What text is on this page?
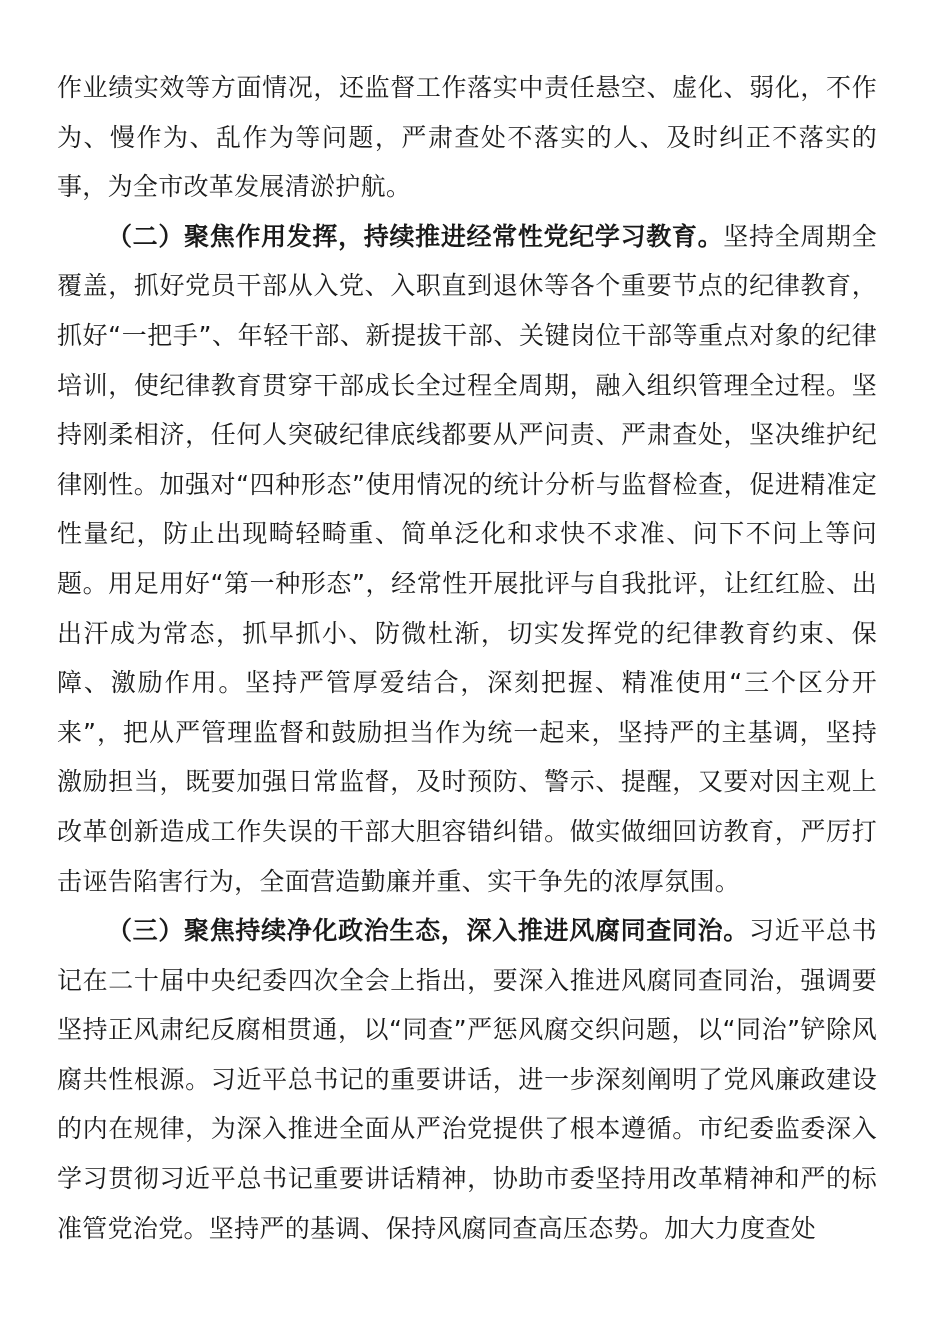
作业绩实效等方面情况，还监督工作落实中责任悬空、虚化、弱化，不作为、慢作为、乱作为等问题，严肃查处不落实的人、及时纠正不落实的事，为全市改革发展清淤护航。

（二）聚焦作用发挥，持续推进经常性党纪学习教育。坚持全周期全覆盖，抓好党员干部从入党、入职直到退休等各个重要节点的纪律教育，抓好“一把手”、年轻干部、新提拔干部、关键岗位干部等重点对象的纪律培训，使纪律教育贯穿干部成长全过程全周期，融入组织管理全过程。坚持刚柔相济，任何人突破纪律底线都要从严问责、严肃查处，坚决维护纪律刚性。加强对“四种形态”使用情况的统计分析与监督检查，促进精准定性量纪，防止出现畸轻畸重、简单泛化和求快不求准、问下不问上等问题。用足用好“第一种形态”，经常性开展批评与自我批评，让红红脸、出出汗成为常态，抓早抓小、防微杜渐，切实发挥党的纪律教育约束、保障、激励作用。坚持严管厚爱结合，深刻把握、精准使用“三个区分开来”，把从严管理监督和鼓励担当作为统一起来，坚持严的主基调，坚持激励担当，既要加强日常监督，及时预防、警示、提醒，又要对因主观上改革创新造成工作失误的干部大胆容错纠错。做实做细回访教育，严厉打击诬告陷害行为，全面营造勤廉并重、实干争先的浓厚氛围。

（三）聚焦持续净化政治生态，深入推进风腐同查同治。习近平总书记在二十届中央纪委四次全会上指出，要深入推进风腐同查同治，强调要坚持正风肃纪反腐相贯通，以“同查”严惩风腐交织问题，以“同治”铲除风腐共性根源。习近平总书记的重要讲话，进一步深刻阐明了党风廉政建设的内在规律，为深入推进全面从严治党提供了根本遵循。市纪委监委深入学习贯彻习近平总书记重要讲话精神，协助市委坚持用改革精神和严的标准管党治党。坚持严的基调、保持风腐同查高压态势。加大力度查处
